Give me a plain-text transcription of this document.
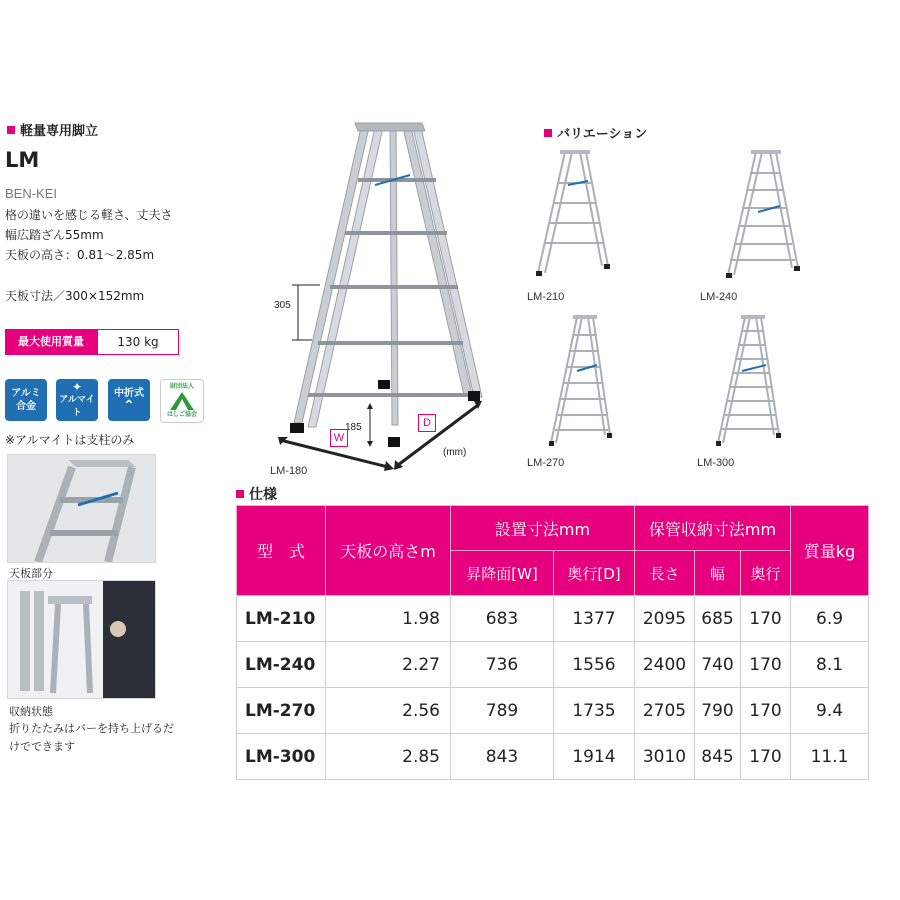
軽量専用脚立
LM
BEN-KEI
格の違いを感じる軽さ、丈夫さ
幅広踏ざん55mm
天板の高さ：0.81～2.85m
天板寸法／300×152mm
最大使用質量	130 kg
アルミ
合金
✦
アルマイト
中折式
⌃
財団法人
はしご協会
※アルマイトは支柱のみ
天板部分
収納状態
折りたたみはバーを持ち上げるだ
けでできます
305
185
W
D
(mm)
LM-180
バリエーション
LM-210	LM-240
LM-270	LM-300
仕様
型　式	天板の高さm	設置寸法mm		保管収納寸法mm			質量kg
		昇降面[W]	奥行[D]	長さ	幅	奥行	
LM-210	1.98	683	1377	2095	685	170	6.9
LM-240	2.27	736	1556	2400	740	170	8.1
LM-270	2.56	789	1735	2705	790	170	9.4
LM-300	2.85	843	1914	3010	845	170	11.1
